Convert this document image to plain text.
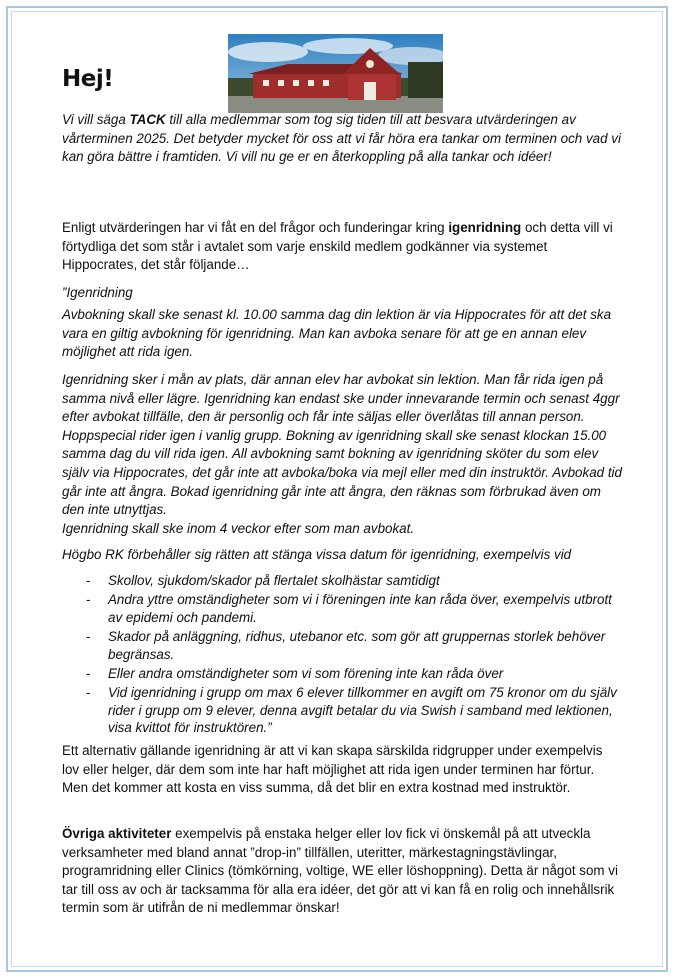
Hej!

Vi vill säga TACK till alla medlemmar som tog sig tiden till att besvara utvärderingen av vårterminen 2025. Det betyder mycket för oss att vi får höra era tankar om terminen och vad vi kan göra bättre i framtiden. Vi vill nu ge er en återkoppling på alla tankar och idéer!

Enligt utvärderingen har vi fåt en del frågor och funderingar kring igenridning och detta vill vi förtydliga det som står i avtalet som varje enskild medlem godkänner via systemet Hippocrates, det står följande…

”Igenridning

Avbokning skall ske senast kl. 10.00 samma dag din lektion är via Hippocrates för att det ska vara en giltig avbokning för igenridning. Man kan avboka senare för att ge en annan elev möjlighet att rida igen.

Igenridning sker i mån av plats, där annan elev har avbokat sin lektion. Man får rida igen på samma nivå eller lägre. Igenridning kan endast ske under innevarande termin och senast 4ggr efter avbokat tillfälle, den är personlig och får inte säljas eller överlåtas till annan person. Hoppspecial rider igen i vanlig grupp. Bokning av igenridning skall ske senast klockan 15.00 samma dag du vill rida igen. All avbokning samt bokning av igenridning sköter du som elev själv via Hippocrates, det går inte att avboka/boka via mejl eller med din instruktör. Avbokad tid går inte att ångra. Bokad igenridning går inte att ångra, den räknas som förbrukad även om den inte utnyttjas.

Igenridning skall ske inom 4 veckor efter som man avbokat.

Högbo RK förbehåller sig rätten att stänga vissa datum för igenridning, exempelvis vid

- Skollov, sjukdom/skador på flertalet skolhästar samtidigt
- Andra yttre omständigheter som vi i föreningen inte kan råda över, exempelvis utbrott av epidemi och pandemi.
- Skador på anläggning, ridhus, utebanor etc. som gör att gruppernas storlek behöver begränsas.
- Eller andra omständigheter som vi som förening inte kan råda över
- Vid igenridning i grupp om max 6 elever tillkommer en avgift om 75 kronor om du själv rider i grupp om 9 elever, denna avgift betalar du via Swish i samband med lektionen, visa kvittot för instruktören.”

Ett alternativ gällande igenridning är att vi kan skapa särskilda ridgrupper under exempelvis lov eller helger, där dem som inte har haft möjlighet att rida igen under terminen har förtur. Men det kommer att kosta en viss summa, då det blir en extra kostnad med instruktör.

Övriga aktiviteter exempelvis på enstaka helger eller lov fick vi önskemål på att utveckla verksamheter med bland annat ”drop-in” tillfällen, uteritter, märkestagningstävlingar, programridning eller Clinics (tömkörning, voltige, WE eller löshoppning). Detta är något som vi tar till oss av och är tacksamma för alla era idéer, det gör att vi kan få en rolig och innehållsrik termin som är utifrån de ni medlemmar önskar!
